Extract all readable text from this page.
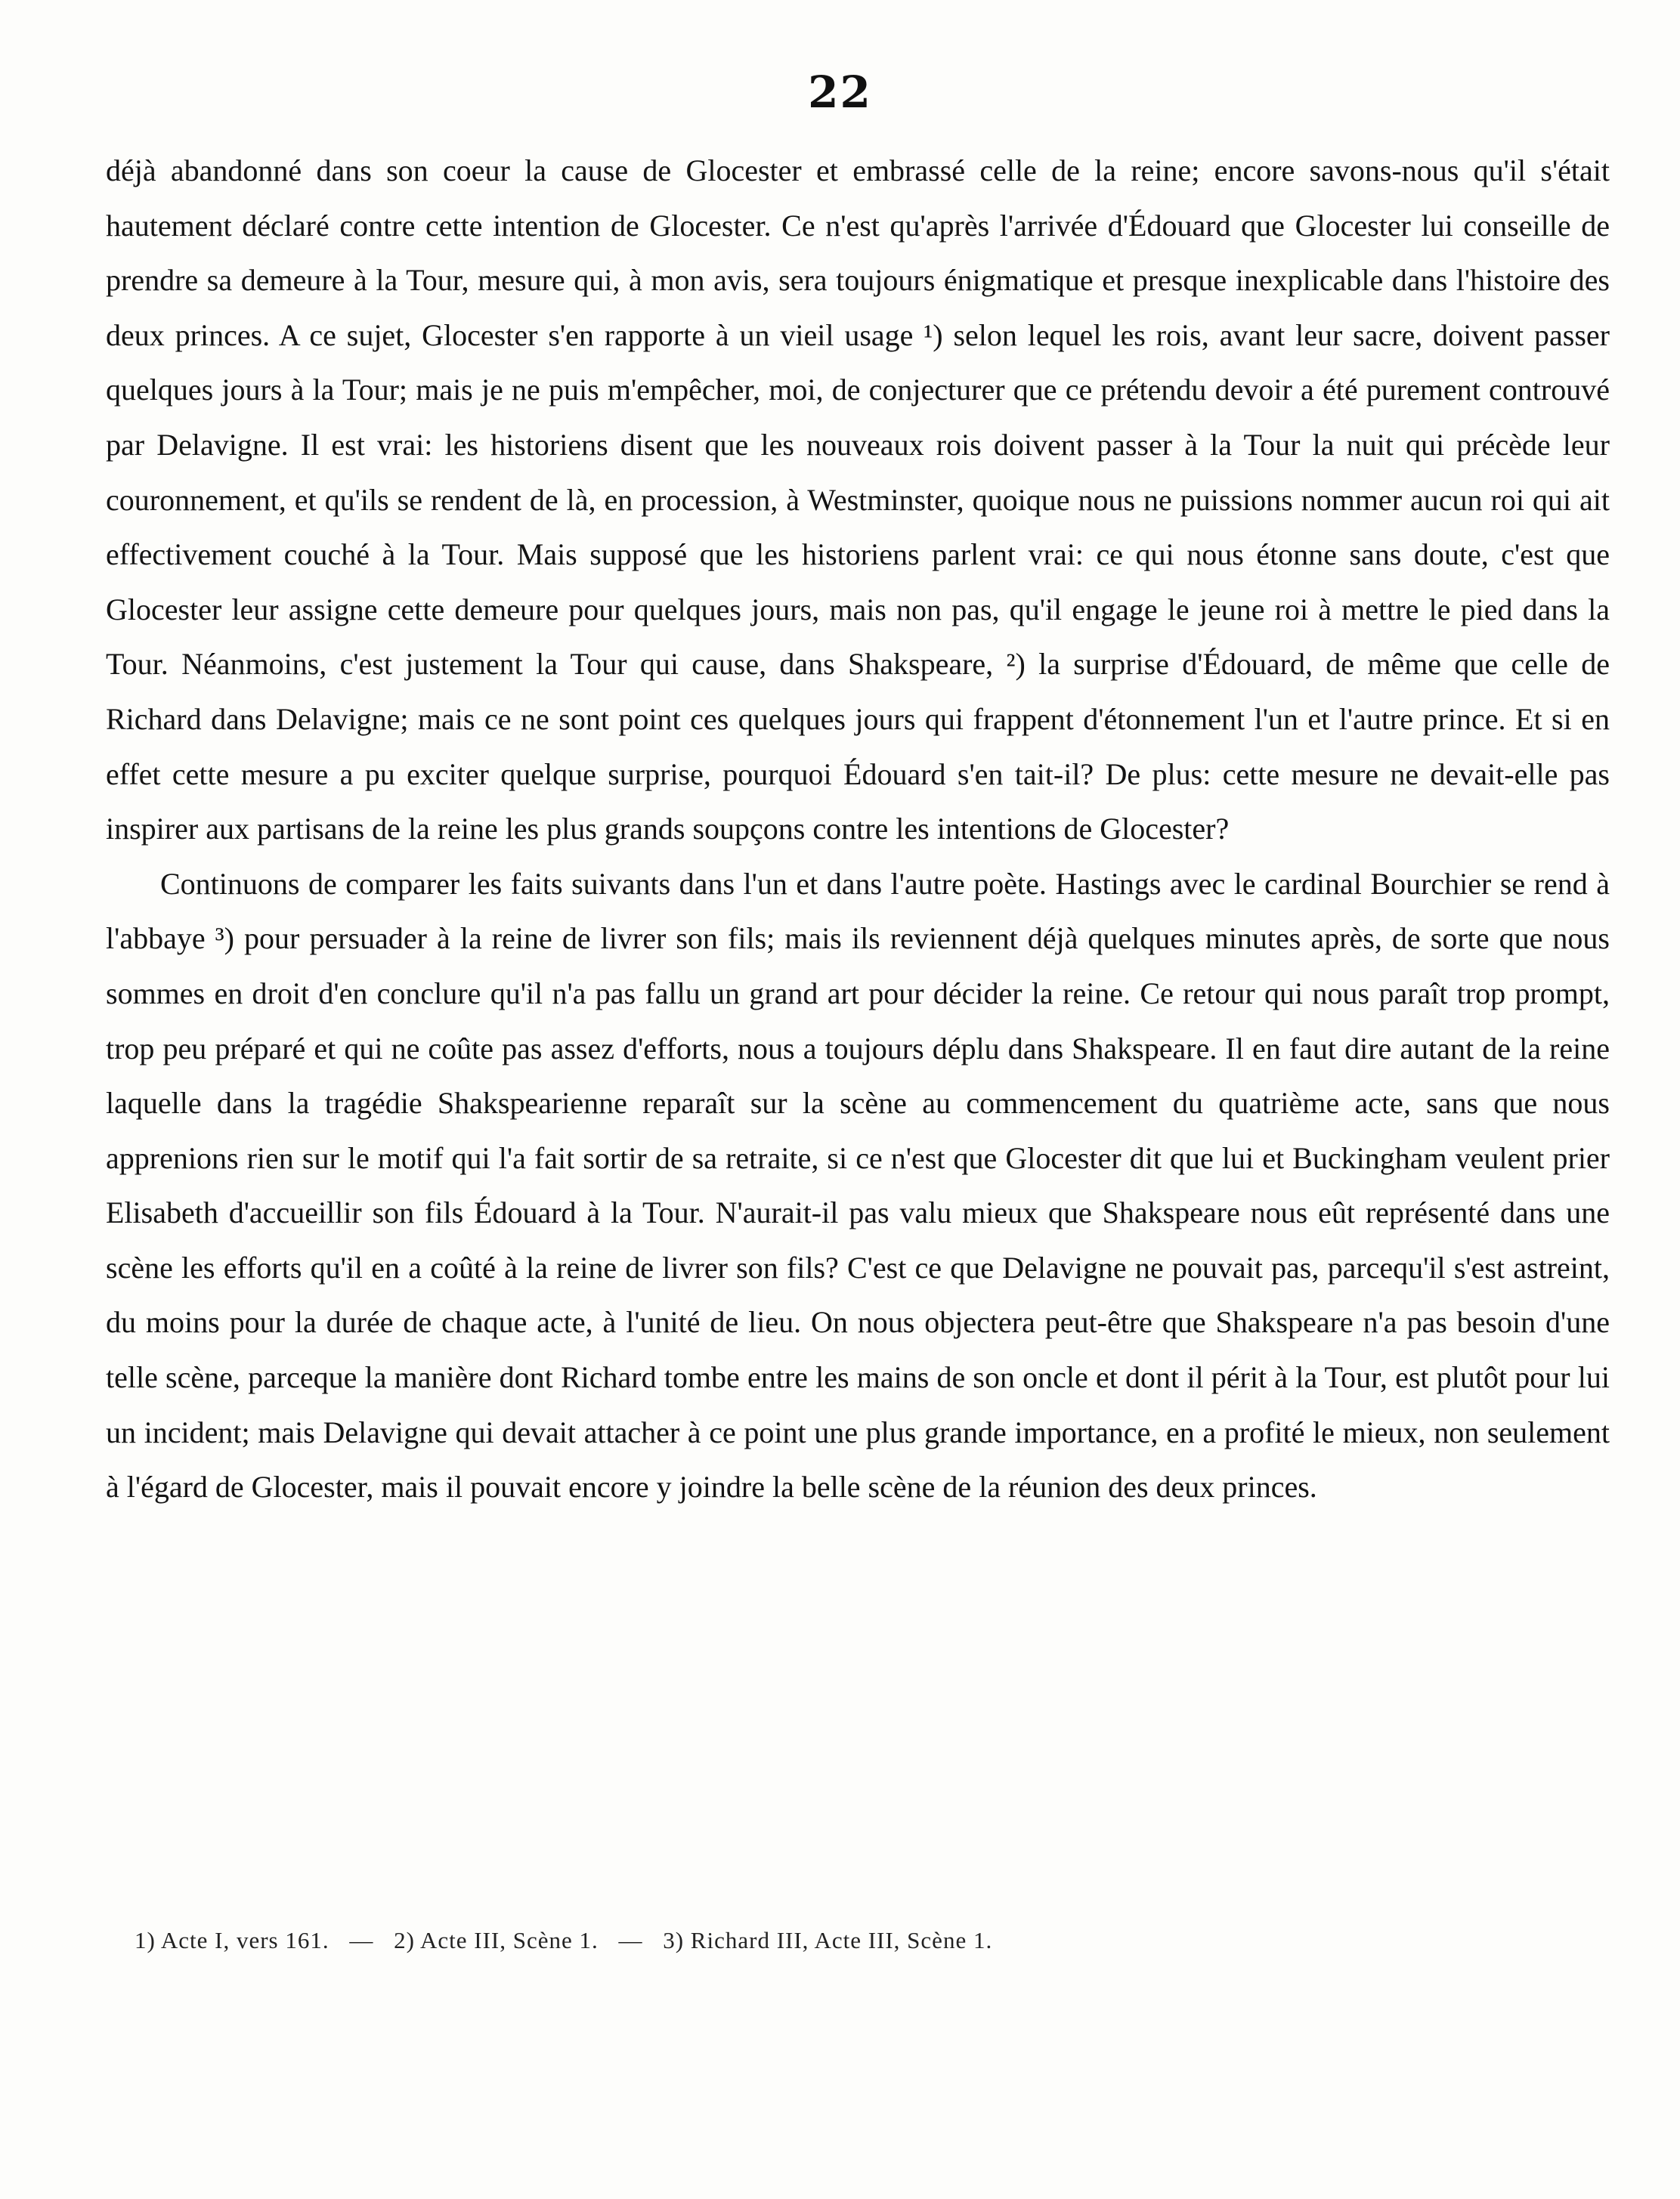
22

déjà abandonné dans son coeur la cause de Glocester et embrassé celle de la reine; encore savons-nous qu'il s'était hautement déclaré contre cette intention de Glocester. Ce n'est qu'après l'arrivée d'Édouard que Glocester lui conseille de prendre sa demeure à la Tour, mesure qui, à mon avis, sera toujours énigmatique et presque inexplicable dans l'histoire des deux princes. A ce sujet, Glocester s'en rapporte à un vieil usage ¹) selon lequel les rois, avant leur sacre, doivent passer quelques jours à la Tour; mais je ne puis m'empêcher, moi, de conjecturer que ce prétendu devoir a été purement controuvé par Delavigne. Il est vrai: les historiens disent que les nouveaux rois doivent passer à la Tour la nuit qui précède leur couronnement, et qu'ils se rendent de là, en procession, à Westminster, quoique nous ne puissions nommer aucun roi qui ait effectivement couché à la Tour. Mais supposé que les historiens parlent vrai: ce qui nous étonne sans doute, c'est que Glocester leur assigne cette demeure pour quelques jours, mais non pas, qu'il engage le jeune roi à mettre le pied dans la Tour. Néanmoins, c'est justement la Tour qui cause, dans Shakspeare, ²) la surprise d'Édouard, de même que celle de Richard dans Delavigne; mais ce ne sont point ces quelques jours qui frappent d'étonnement l'un et l'autre prince. Et si en effet cette mesure a pu exciter quelque surprise, pourquoi Édouard s'en tait-il? De plus: cette mesure ne devait-elle pas inspirer aux partisans de la reine les plus grands soupçons contre les intentions de Glocester?

Continuons de comparer les faits suivants dans l'un et dans l'autre poète. Hastings avec le cardinal Bourchier se rend à l'abbaye ³) pour persuader à la reine de livrer son fils; mais ils reviennent déjà quelques minutes après, de sorte que nous sommes en droit d'en conclure qu'il n'a pas fallu un grand art pour décider la reine. Ce retour qui nous paraît trop prompt, trop peu préparé et qui ne coûte pas assez d'efforts, nous a toujours déplu dans Shakspeare. Il en faut dire autant de la reine laquelle dans la tragédie Shakspearienne reparaît sur la scène au commencement du quatrième acte, sans que nous apprenions rien sur le motif qui l'a fait sortir de sa retraite, si ce n'est que Glocester dit que lui et Buckingham veulent prier Elisabeth d'accueillir son fils Édouard à la Tour. N'aurait-il pas valu mieux que Shakspeare nous eût représenté dans une scène les efforts qu'il en a coûté à la reine de livrer son fils? C'est ce que Delavigne ne pouvait pas, parcequ'il s'est astreint, du moins pour la durée de chaque acte, à l'unité de lieu. On nous objectera peut-être que Shakspeare n'a pas besoin d'une telle scène, parceque la manière dont Richard tombe entre les mains de son oncle et dont il périt à la Tour, est plutôt pour lui un incident; mais Delavigne qui devait attacher à ce point une plus grande importance, en a profité le mieux, non seulement à l'égard de Glocester, mais il pouvait encore y joindre la belle scène de la réunion des deux princes.

1) Acte I, vers 161. — 2) Acte III, Scène 1. — 3) Richard III, Acte III, Scène 1.
